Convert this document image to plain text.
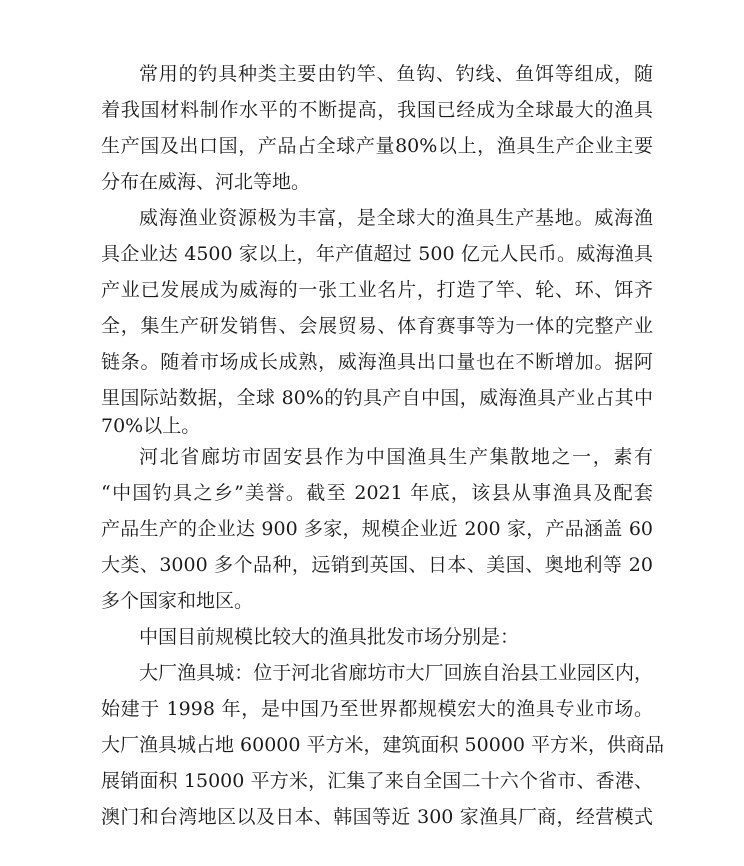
常用的钓具种类主要由钓竿、鱼钩、钓线、鱼饵等组成，随
着我国材料制作水平的不断提高，我国已经成为全球最大的渔具
生产国及出口国，产品占全球产量80%以上，渔具生产企业主要
分布在威海、河北等地。
威海渔业资源极为丰富，是全球大的渔具生产基地。威海渔
具企业达 4500 家以上，年产值超过 500 亿元人民币。威海渔具
产业已发展成为威海的一张工业名片，打造了竿、轮、环、饵齐
全，集生产研发销售、会展贸易、体育赛事等为一体的完整产业
链条。随着市场成长成熟，威海渔具出口量也在不断增加。据阿
里国际站数据，全球 80%的钓具产自中国，威海渔具产业占其中
70%以上。
河北省廊坊市固安县作为中国渔具生产集散地之一，素有
“中国钓具之乡”美誉。截至 2021 年底，该县从事渔具及配套
产品生产的企业达 900 多家，规模企业近 200 家，产品涵盖 60
大类、3000 多个品种，远销到英国、日本、美国、奥地利等 20
多个国家和地区。
中国目前规模比较大的渔具批发市场分别是：
大厂渔具城：位于河北省廊坊市大厂回族自治县工业园区内，
始建于 1998 年，是中国乃至世界都规模宏大的渔具专业市场。
大厂渔具城占地 60000 平方米，建筑面积 50000 平方米，供商品
展销面积 15000 平方米，汇集了来自全国二十六个省市、香港、
澳门和台湾地区以及日本、韩国等近 300 家渔具厂商，经营模式
